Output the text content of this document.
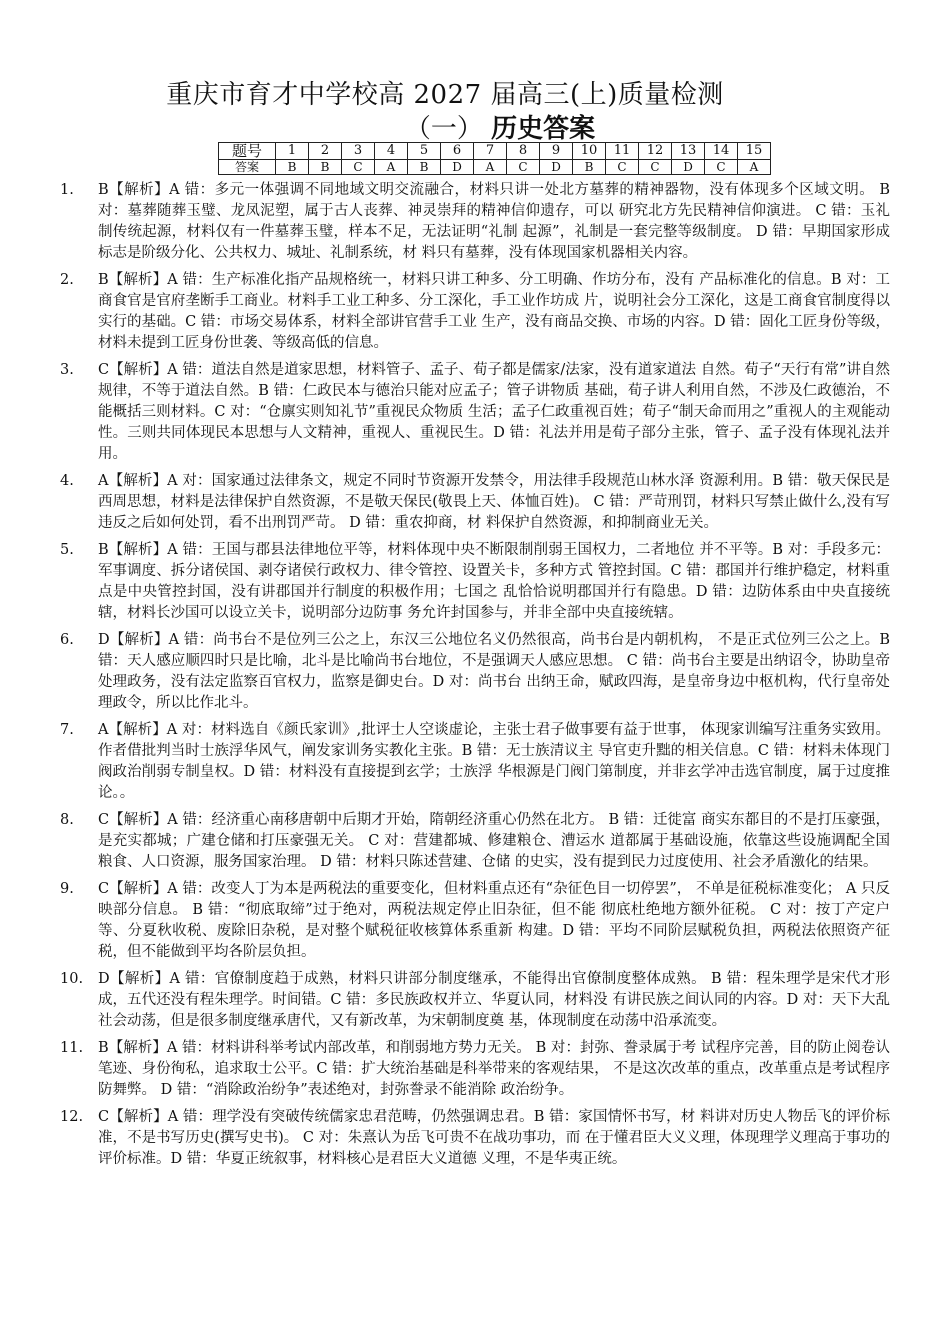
重庆市育才中学校高 2027 届高三(上)质量检测
（一） 历史答案
题号	1	2	3	4	5	6	7	8	9	10	11	12	13	14	15
答案	B	B	C	A	B	D	A	C	D	B	C	C	D	C	A
1.	B【解析】A 错：多元一体强调不同地域文明交流融合，材料只讲一处北方墓葬的精神器物，没有体现多个区域文明。 B 对：墓葬随葬玉璧、龙凤泥塑，属于古人丧葬、神灵崇拜的精神信仰遗存，可以 研究北方先民精神信仰演进。 C 错：玉礼制传统起源，材料仅有一件墓葬玉璧，样本不足，无法证明“礼制 起源”，礼制是一套完整等级制度。 D 错：早期国家形成标志是阶级分化、公共权力、城址、礼制系统，材 料只有墓葬，没有体现国家机器相关内容。
2.	B【解析】A 错：生产标准化指产品规格统一，材料只讲工种多、分工明确、作坊分布，没有 产品标准化的信息。B 对：工商食官是官府垄断手工商业。材料手工业工种多、分工深化，手工业作坊成 片，说明社会分工深化，这是工商食官制度得以实行的基础。C 错：市场交易体系，材料全部讲官营手工业 生产，没有商品交换、市场的内容。D 错：固化工匠身份等级，材料未提到工匠身份世袭、等级高低的信息。
3.	C【解析】A 错：道法自然是道家思想，材料管子、孟子、荀子都是儒家/法家，没有道家道法 自然。荀子“天行有常”讲自然规律，不等于道法自然。B 错：仁政民本与德治只能对应孟子；管子讲物质 基础，荀子讲人利用自然，不涉及仁政德治，不能概括三则材料。C 对：“仓廪实则知礼节”重视民众物质 生活；孟子仁政重视百姓；荀子“制天命而用之”重视人的主观能动性。三则共同体现民本思想与人文精神，重视人、重视民生。D 错：礼法并用是荀子部分主张，管子、孟子没有体现礼法并用。
4.	A【解析】A 对：国家通过法律条文，规定不同时节资源开发禁令，用法律手段规范山林水泽 资源利用。B 错：敬天保民是西周思想，材料是法律保护自然资源，不是敬天保民(敬畏上天、体恤百姓)。 C 错：严苛刑罚，材料只写禁止做什么,没有写违反之后如何处罚，看不出刑罚严苛。 D 错：重农抑商，材 料保护自然资源，和抑制商业无关。
5.	B【解析】A 错：王国与郡县法律地位平等，材料体现中央不断限制削弱王国权力，二者地位 并不平等。B 对：手段多元：军事调度、拆分诸侯国、剥夺诸侯行政权力、律令管控、设置关卡，多种方式 管控封国。C 错：郡国并行维护稳定，材料重点是中央管控封国，没有讲郡国并行制度的积极作用；七国之 乱恰恰说明郡国并行有隐患。D 错：边防体系由中央直接统辖，材料长沙国可以设立关卡，说明部分边防事 务允许封国参与，并非全部中央直接统辖。
6.	D【解析】A 错：尚书台不是位列三公之上，东汉三公地位名义仍然很高，尚书台是内朝机构， 不是正式位列三公之上。B 错：天人感应顺四时只是比喻，北斗是比喻尚书台地位，不是强调天人感应思想。 C 错：尚书台主要是出纳诏令，协助皇帝处理政务，没有法定监察百官权力，监察是御史台。D 对：尚书台 出纳王命，赋政四海，是皇帝身边中枢机构，代行皇帝处理政令，所以比作北斗。
7.	A【解析】A 对：材料选自《颜氏家训》,批评士人空谈虚论，主张士君子做事要有益于世事， 体现家训编写注重务实致用。作者借批判当时士族浮华风气，阐发家训务实教化主张。B 错：无士族清议主 导官吏升黜的相关信息。C 错：材料未体现门阀政治削弱专制皇权。D 错：材料没有直接提到玄学；士族浮 华根源是门阀门第制度，并非玄学冲击选官制度，属于过度推论。。
8.	C【解析】A 错：经济重心南移唐朝中后期才开始，隋朝经济重心仍然在北方。 B 错：迁徙富 商实东都目的不是打压豪强，是充实都城；广建仓储和打压豪强无关。 C 对：营建都城、修建粮仓、漕运水 道都属于基础设施，依靠这些设施调配全国粮食、人口资源，服务国家治理。 D 错：材料只陈述营建、仓储 的史实，没有提到民力过度使用、社会矛盾激化的结果。
9.	C【解析】A 错：改变人丁为本是两税法的重要变化，但材料重点还有“杂征色目一切停罢”， 不单是征税标准变化； A 只反映部分信息。 B 错：“彻底取缔”过于绝对，两税法规定停止旧杂征，但不能 彻底杜绝地方额外征税。 C 对：按丁产定户等、分夏秋收税、废除旧杂税，是对整个赋税征收核算体系重新 构建。D 错：平均不同阶层赋税负担，两税法依照资产征税，但不能做到平均各阶层负担。
10.	D【解析】A 错：官僚制度趋于成熟，材料只讲部分制度继承，不能得出官僚制度整体成熟。 B 错：程朱理学是宋代才形成，五代还没有程朱理学。时间错。C 错：多民族政权并立、华夏认同，材料没 有讲民族之间认同的内容。D 对：天下大乱社会动荡，但是很多制度继承唐代，又有新改革，为宋朝制度奠 基，体现制度在动荡中沿承流变。
11.	B【解析】A 错：材料讲科举考试内部改革，和削弱地方势力无关。 B 对：封弥、誊录属于考 试程序完善，目的防止阅卷认笔迹、身份徇私，追求取士公平。C 错：扩大统治基础是科举带来的客观结果， 不是这次改革的重点，改革重点是考试程序防舞弊。 D 错：“消除政治纷争”表述绝对，封弥誊录不能消除 政治纷争。
12.	C【解析】A 错：理学没有突破传统儒家忠君范畴，仍然强调忠君。B 错：家国情怀书写，材 料讲对历史人物岳飞的评价标准，不是书写历史(撰写史书)。 C 对：朱熹认为岳飞可贵不在战功事功，而 在于懂君臣大义义理，体现理学义理高于事功的评价标准。D 错：华夏正统叙事，材料核心是君臣大义道德 义理，不是华夷正统。
